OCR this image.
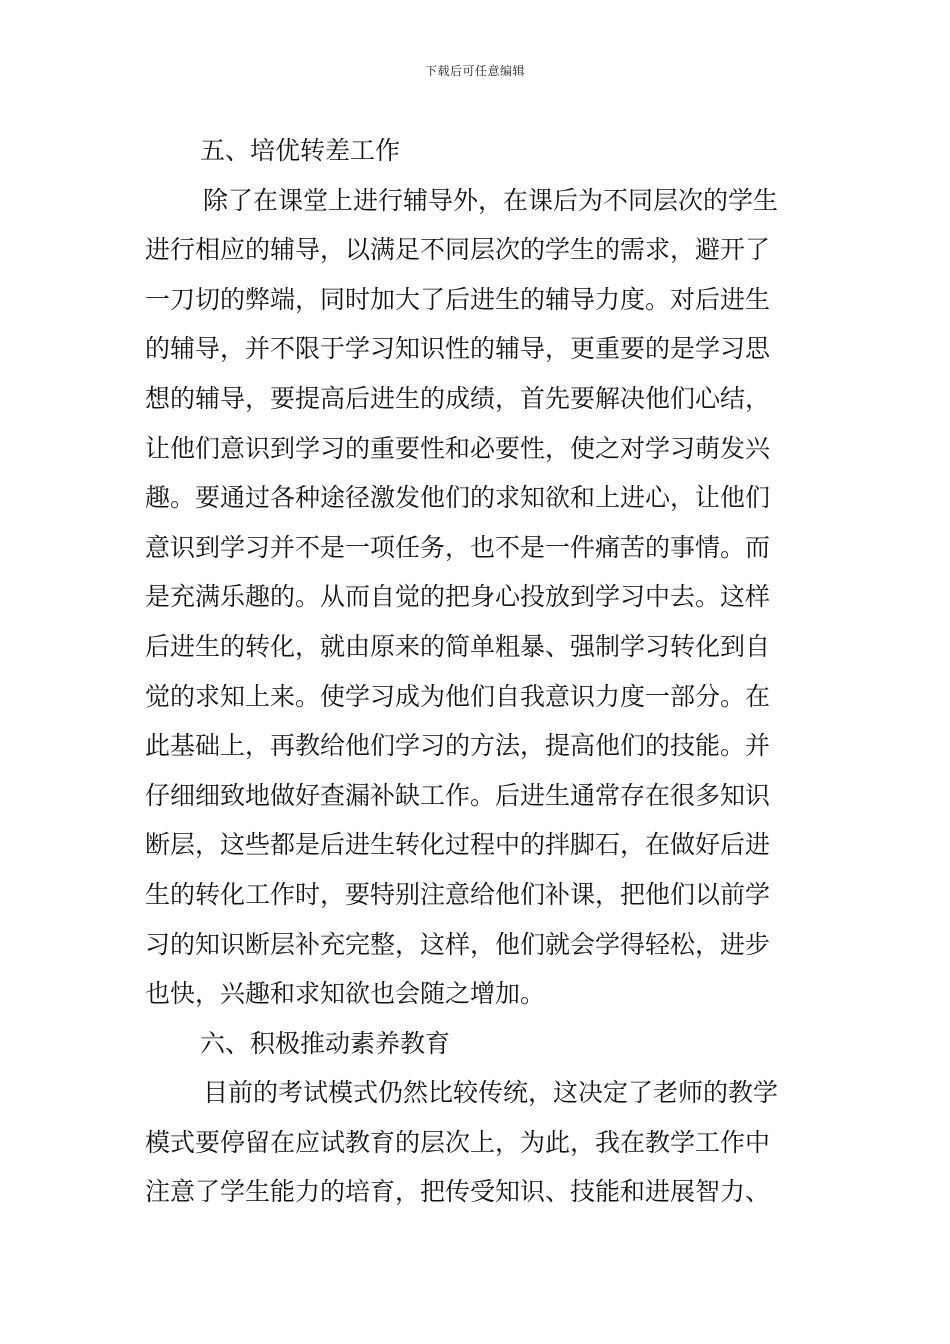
下载后可任意编辑
五、培优转差工作
除了在课堂上进行辅导外，在课后为不同层次的学生
进行相应的辅导，以满足不同层次的学生的需求，避开了
一刀切的弊端，同时加大了后进生的辅导力度。对后进生
的辅导，并不限于学习知识性的辅导，更重要的是学习思
想的辅导，要提高后进生的成绩，首先要解决他们心结，
让他们意识到学习的重要性和必要性，使之对学习萌发兴
趣。要通过各种途径激发他们的求知欲和上进心，让他们
意识到学习并不是一项任务，也不是一件痛苦的事情。而
是充满乐趣的。从而自觉的把身心投放到学习中去。这样
后进生的转化，就由原来的简单粗暴、强制学习转化到自
觉的求知上来。使学习成为他们自我意识力度一部分。在
此基础上，再教给他们学习的方法，提高他们的技能。并
仔细细致地做好查漏补缺工作。后进生通常存在很多知识
断层，这些都是后进生转化过程中的拌脚石，在做好后进
生的转化工作时，要特别注意给他们补课，把他们以前学
习的知识断层补充完整，这样，他们就会学得轻松，进步
也快，兴趣和求知欲也会随之增加。
六、积极推动素养教育
目前的考试模式仍然比较传统，这决定了老师的教学
模式要停留在应试教育的层次上，为此，我在教学工作中
注意了学生能力的培育，把传受知识、技能和进展智力、
